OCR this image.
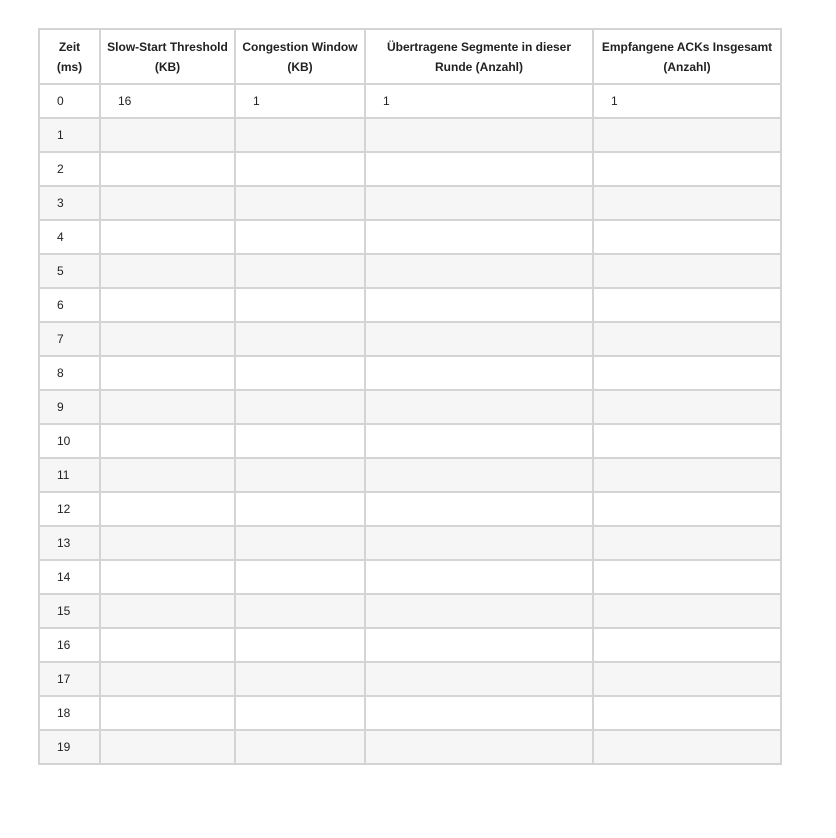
Zeit (ms)	Slow-Start Threshold (KB)	Congestion Window (KB)	Übertragene Segmente in dieser Runde (Anzahl)	Empfangene ACKs Insgesamt (Anzahl)
0	16	1	1	1
1				
2				
3				
4				
5				
6				
7				
8				
9				
10				
11				
12				
13				
14				
15				
16				
17				
18				
19				
